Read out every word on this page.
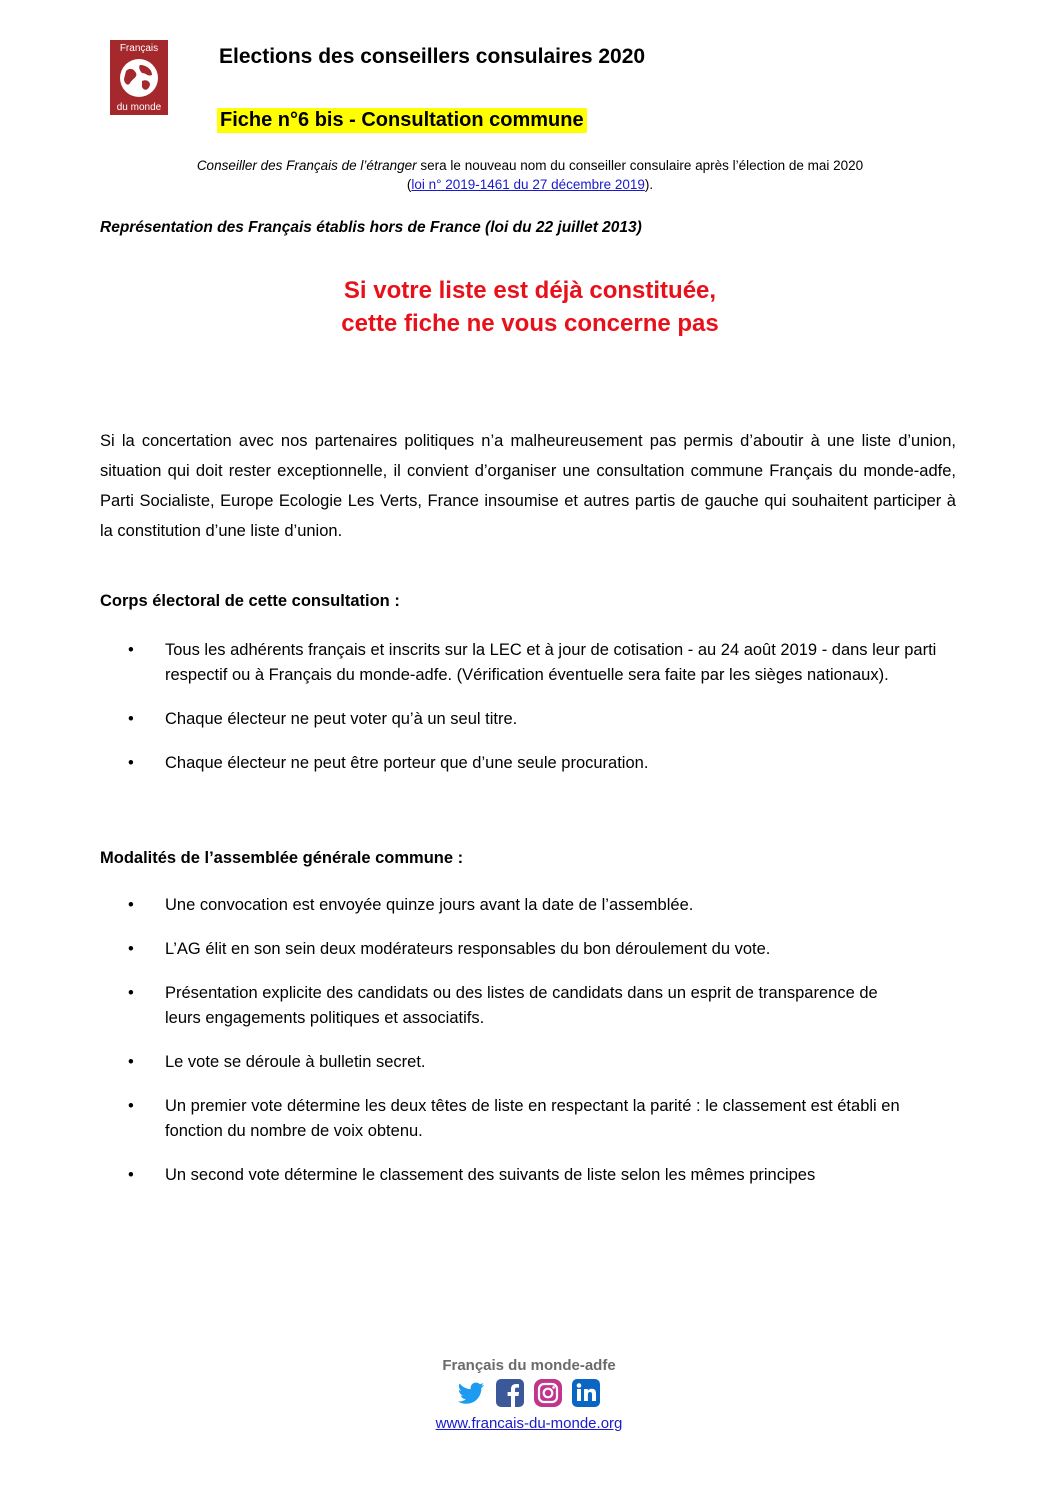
Français
du monde
Elections des conseillers consulaires 2020
Fiche n°6 bis - Consultation commune
Conseiller des Français de l’étranger sera le nouveau nom du conseiller consulaire après l’élection de mai 2020
(loi n° 2019-1461 du 27 décembre 2019).
Représentation des Français établis hors de France (loi du 22 juillet 2013)
Si votre liste est déjà constituée,
cette fiche ne vous concerne pas
Si la concertation avec nos partenaires politiques n’a malheureusement pas permis d’aboutir à une liste d’union, situation qui doit rester exceptionnelle, il convient d’organiser une consultation commune Français du monde-adfe, Parti Socialiste, Europe Ecologie Les Verts, France insoumise et autres partis de gauche qui souhaitent participer à la constitution d’une liste d’union.
Corps électoral de cette consultation :
• Tous les adhérents français et inscrits sur la LEC et à jour de cotisation - au 24 août 2019 - dans leur parti respectif ou à Français du monde-adfe. (Vérification éventuelle sera faite par les sièges nationaux).
• Chaque électeur ne peut voter qu’à un seul titre.
• Chaque électeur ne peut être porteur que d’une seule procuration.
Modalités de l’assemblée générale commune :
• Une convocation est envoyée quinze jours avant la date de l’assemblée.
• L’AG élit en son sein deux modérateurs responsables du bon déroulement du vote.
• Présentation explicite des candidats ou des listes de candidats dans un esprit de transparence de leurs engagements politiques et associatifs.
• Le vote se déroule à bulletin secret.
• Un premier vote détermine les deux têtes de liste en respectant la parité : le classement est établi en fonction du nombre de voix obtenu.
• Un second vote détermine le classement des suivants de liste selon les mêmes principes
Français du monde-adfe
www.francais-du-monde.org
